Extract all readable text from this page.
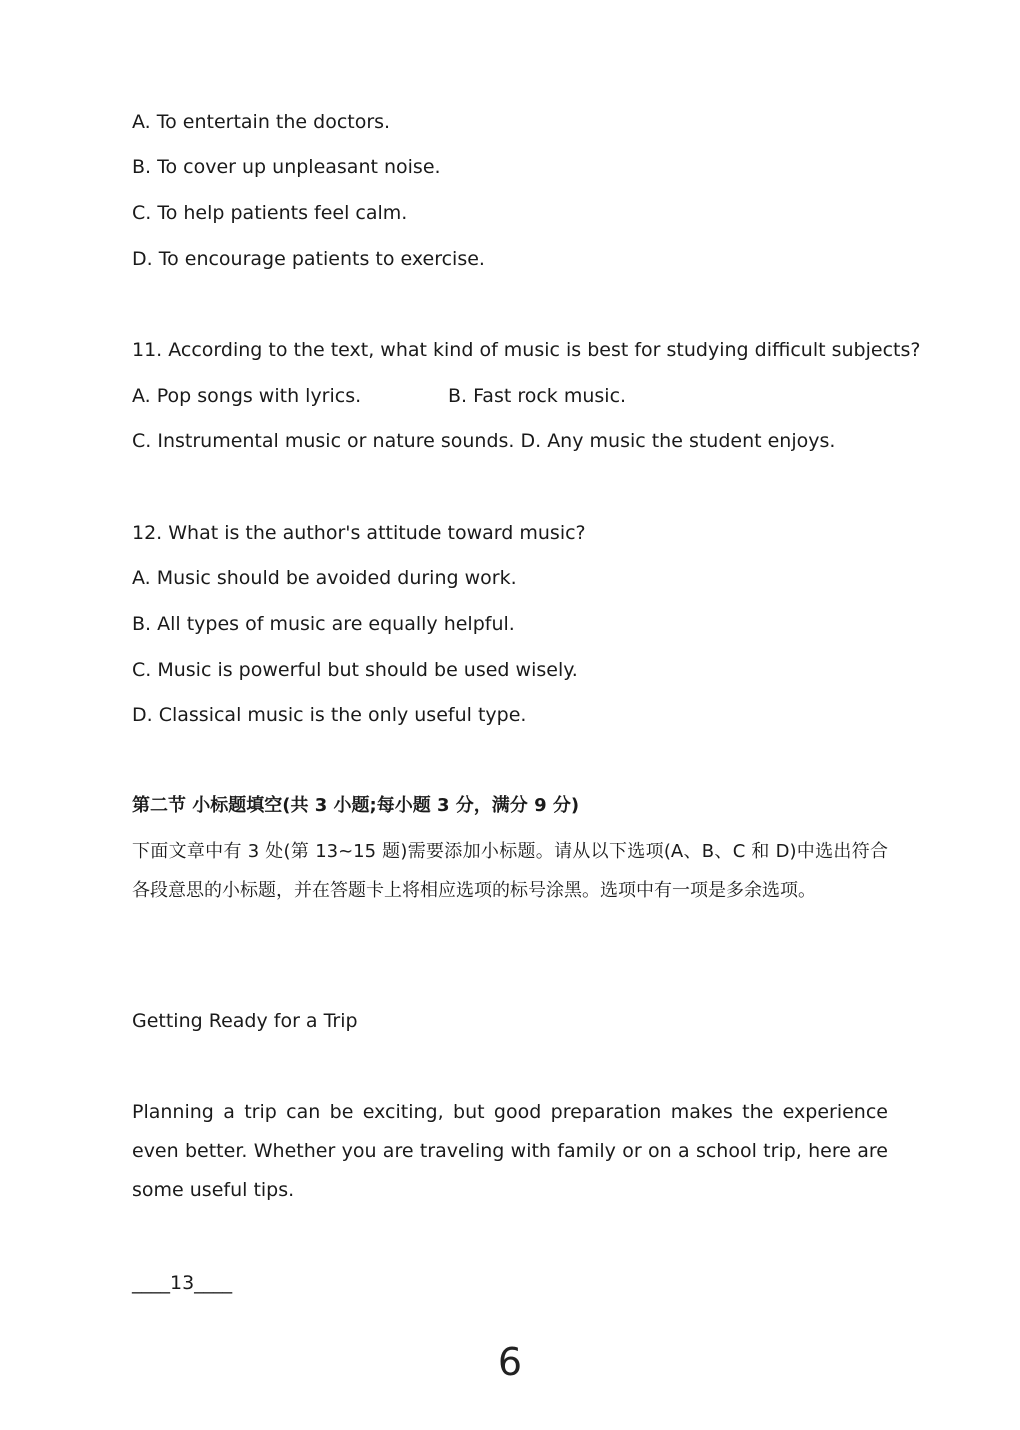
A. To entertain the doctors.
B. To cover up unpleasant noise.
C. To help patients feel calm.
D. To encourage patients to exercise.
11. According to the text, what kind of music is best for studying difficult subjects?
A. Pop songs with lyrics.	B. Fast rock music.
C. Instrumental music or nature sounds. D. Any music the student enjoys.
12. What is the author's attitude toward music?
A. Music should be avoided during work.
B. All types of music are equally helpful.
C. Music is powerful but should be used wisely.
D. Classical music is the only useful type.
第二节 小标题填空(共 3 小题;每小题 3 分，满分 9 分)
下面文章中有 3 处(第 13~15 题)需要添加小标题。请从以下选项(A、B、C 和 D)中选出符合各段意思的小标题，并在答题卡上将相应选项的标号涂黑。选项中有一项是多余选项。
Getting Ready for a Trip
Planning a trip can be exciting, but good preparation makes the experience even better. Whether you are traveling with family or on a school trip, here are some useful tips.
____13____
6
